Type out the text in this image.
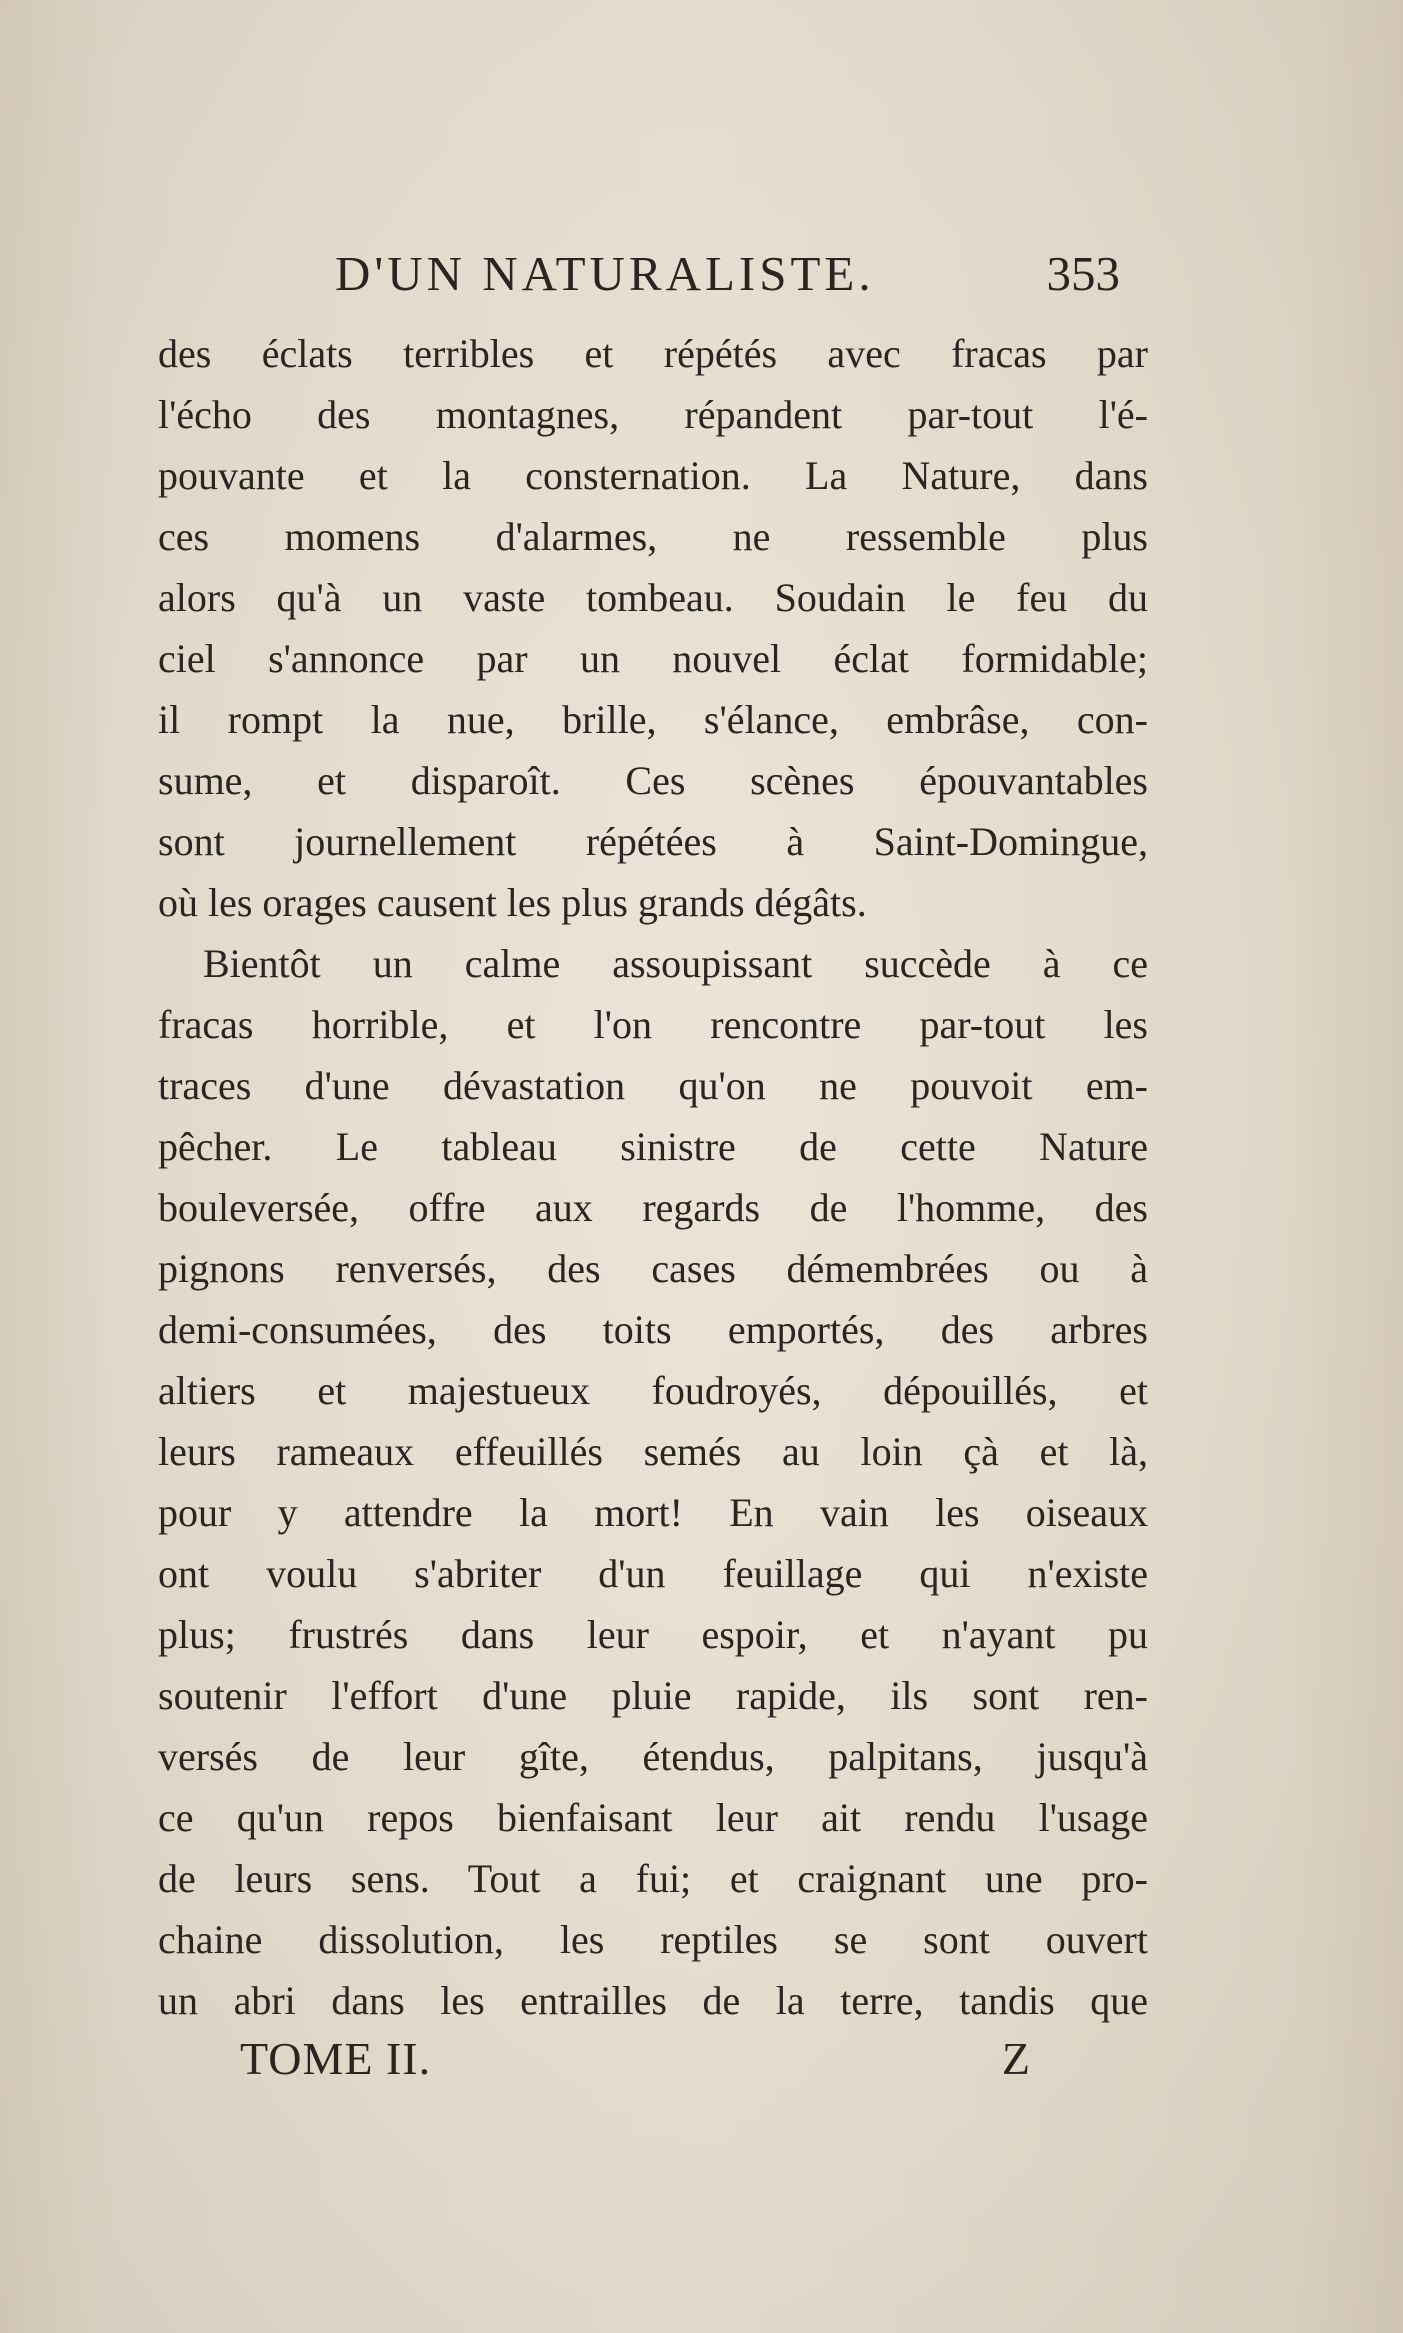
D'UN NATURALISTE.	353
des éclats terribles et répétés avec fracas par
l'écho des montagnes, répandent par-tout l'é-
pouvante et la consternation. La Nature, dans
ces momens d'alarmes, ne ressemble plus
alors qu'à un vaste tombeau. Soudain le feu du
ciel s'annonce par un nouvel éclat formidable;
il rompt la nue, brille, s'élance, embrâse, con-
sume, et disparoît. Ces scènes épouvantables
sont journellement répétées à Saint-Domingue,
où les orages causent les plus grands dégâts.
Bientôt un calme assoupissant succède à ce
fracas horrible, et l'on rencontre par-tout les
traces d'une dévastation qu'on ne pouvoit em-
pêcher. Le tableau sinistre de cette Nature
bouleversée, offre aux regards de l'homme, des
pignons renversés, des cases démembrées ou à
demi-consumées, des toits emportés, des arbres
altiers et majestueux foudroyés, dépouillés, et
leurs rameaux effeuillés semés au loin çà et là,
pour y attendre la mort! En vain les oiseaux
ont voulu s'abriter d'un feuillage qui n'existe
plus; frustrés dans leur espoir, et n'ayant pu
soutenir l'effort d'une pluie rapide, ils sont ren-
versés de leur gîte, étendus, palpitans, jusqu'à
ce qu'un repos bienfaisant leur ait rendu l'usage
de leurs sens. Tout a fui; et craignant une pro-
chaine dissolution, les reptiles se sont ouvert
un abri dans les entrailles de la terre, tandis que
TOME II.	Z
